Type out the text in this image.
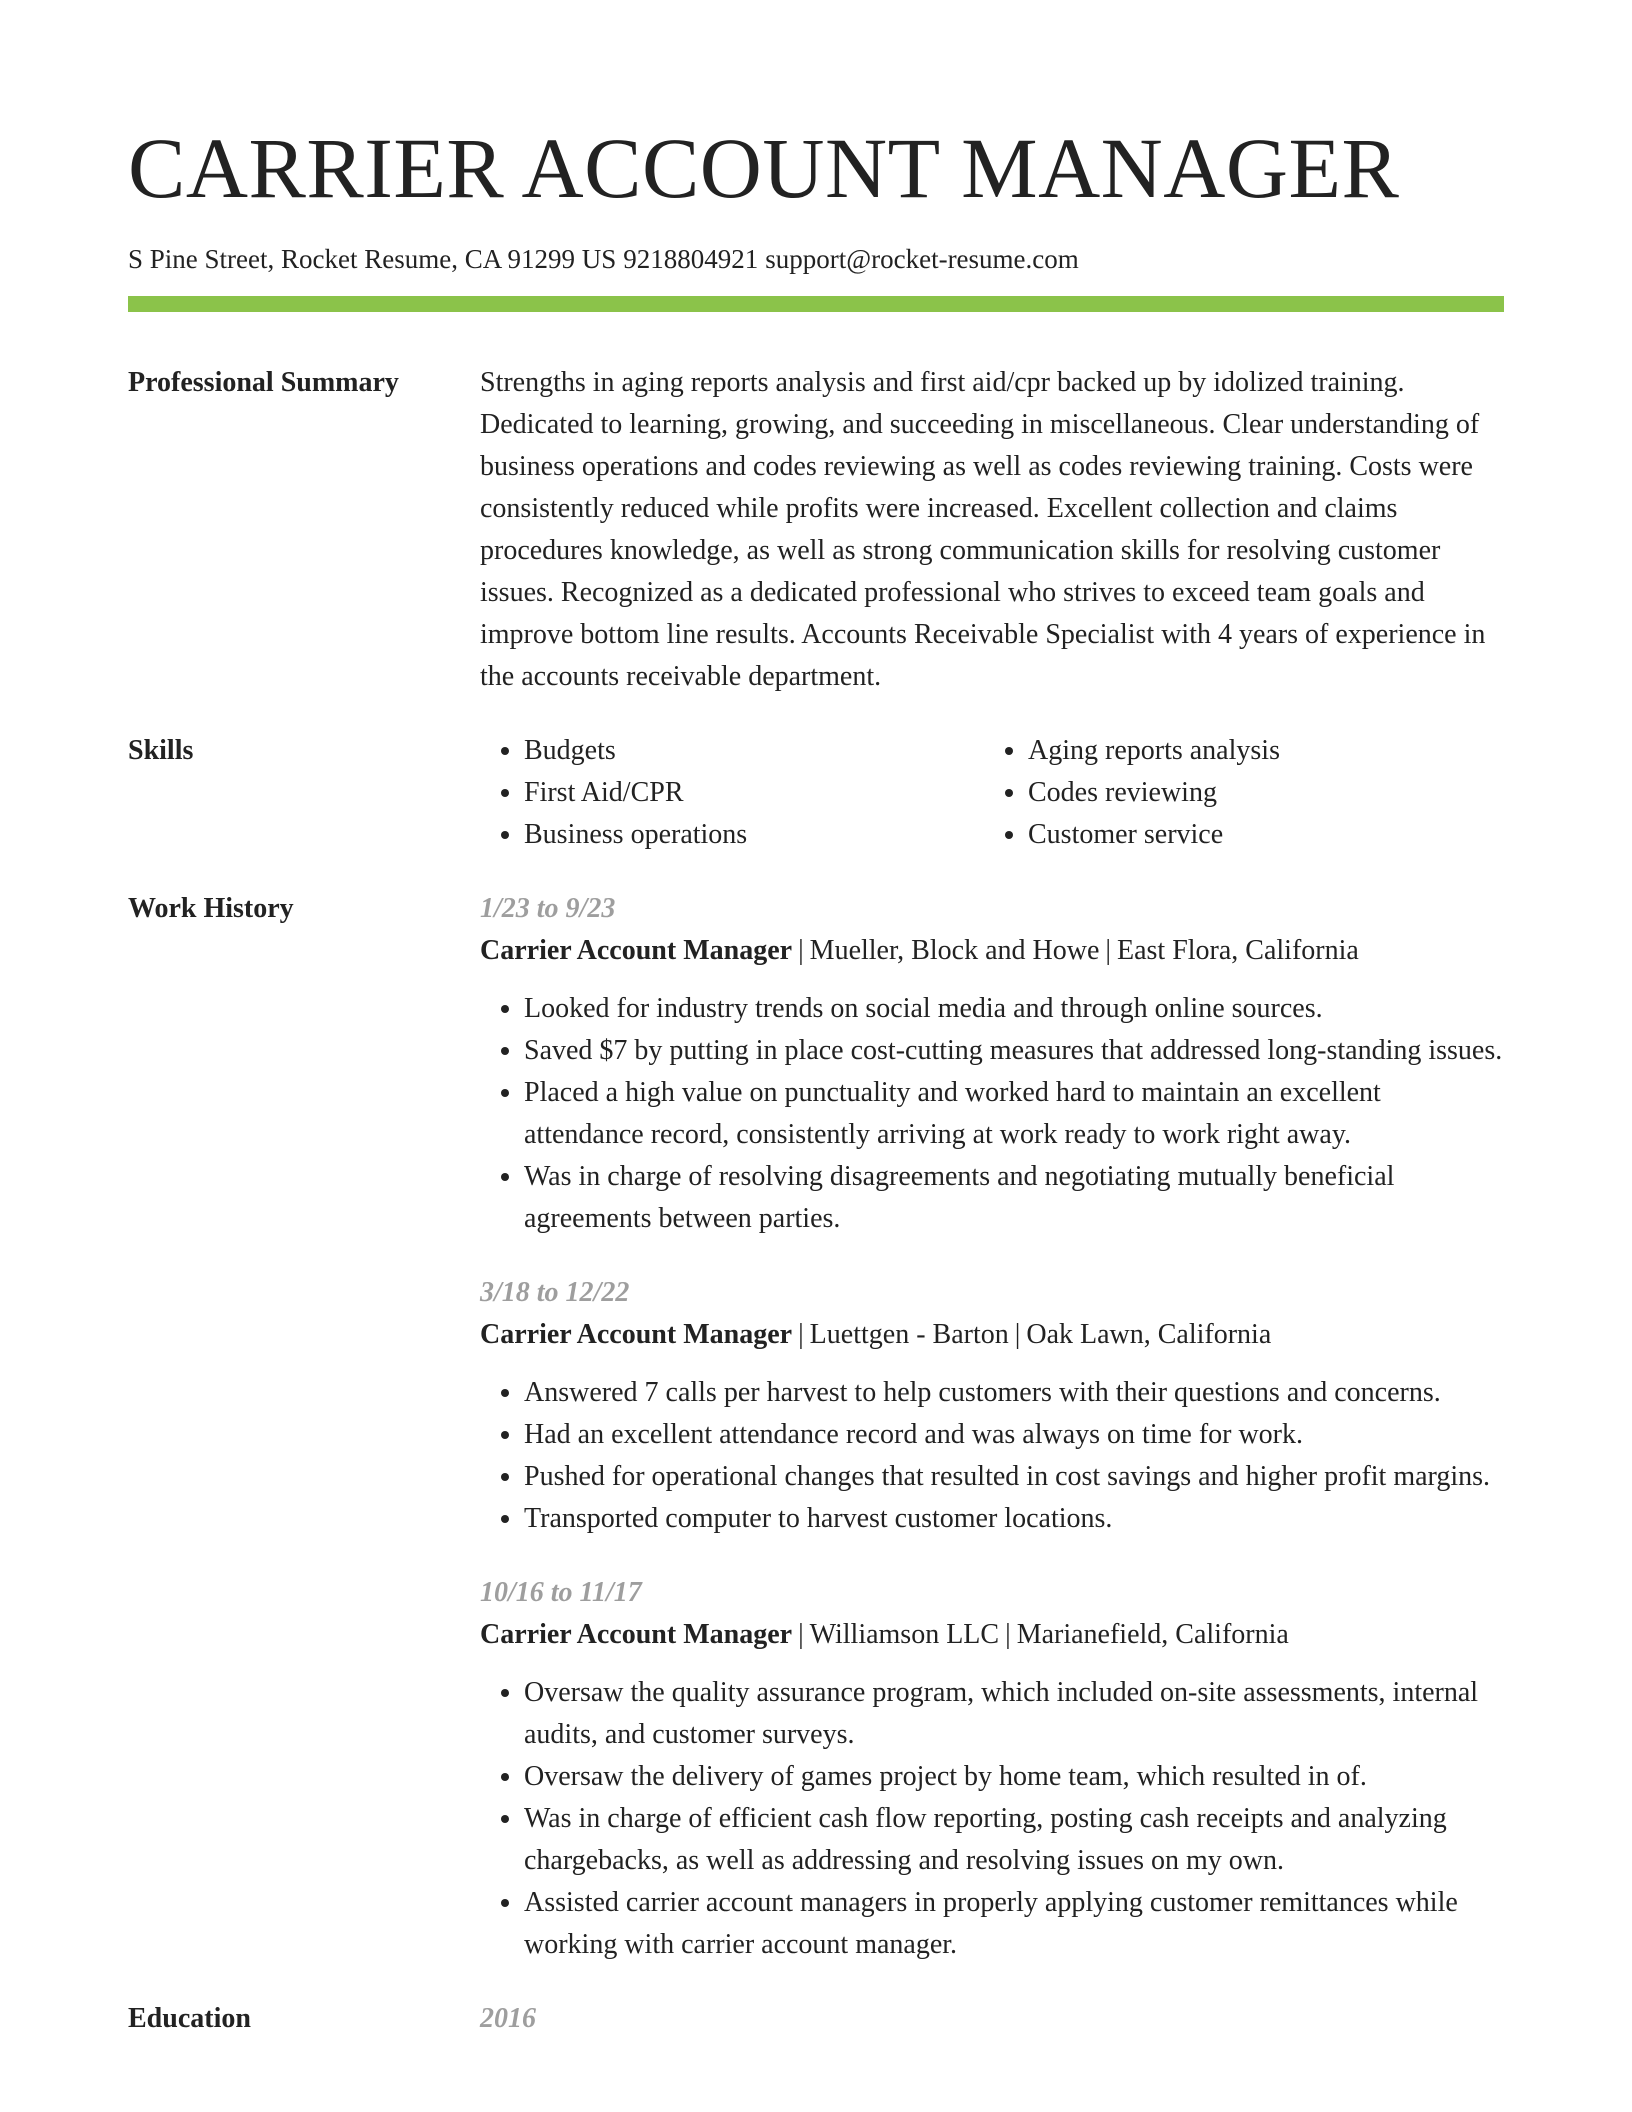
CARRIER ACCOUNT MANAGER
S Pine Street, Rocket Resume, CA 91299 US 9218804921 support@rocket-resume.com
Professional Summary	Strengths in aging reports analysis and first aid/cpr backed up by idolized training. Dedicated to learning, growing, and succeeding in miscellaneous. Clear understanding of business operations and codes reviewing as well as codes reviewing training. Costs were consistently reduced while profits were increased. Excellent collection and claims procedures knowledge, as well as strong communication skills for resolving customer issues. Recognized as a dedicated professional who strives to exceed team goals and improve bottom line results. Accounts Receivable Specialist with 4 years of experience in the accounts receivable department.

Skills
•	Budgets
• First Aid/CPR
• Business operations
• Aging reports analysis
• Codes reviewing
• Customer service
Work History	1/23 to 9/23
Carrier Account Manager | Mueller, Block and Howe | East Flora, California
• Looked for industry trends on social media and through online sources.
• Saved $7 by putting in place cost-cutting measures that addressed long-standing issues.
• Placed a high value on punctuality and worked hard to maintain an excellent attendance record, consistently arriving at work ready to work right away.
• Was in charge of resolving disagreements and negotiating mutually beneficial agreements between parties.
3/18 to 12/22
Carrier Account Manager | Luettgen - Barton | Oak Lawn, California
• Answered 7 calls per harvest to help customers with their questions and concerns.
• Had an excellent attendance record and was always on time for work.
• Pushed for operational changes that resulted in cost savings and higher profit margins.
• Transported computer to harvest customer locations.
10/16 to 11/17
Carrier Account Manager | Williamson LLC | Marianefield, California
• Oversaw the quality assurance program, which included on-site assessments, internal audits, and customer surveys.
• Oversaw the delivery of games project by home team, which resulted in of.
• Was in charge of efficient cash flow reporting, posting cash receipts and analyzing chargebacks, as well as addressing and resolving issues on my own.
• Assisted carrier account managers in properly applying customer remittances while working with carrier account manager.
Education	2016
